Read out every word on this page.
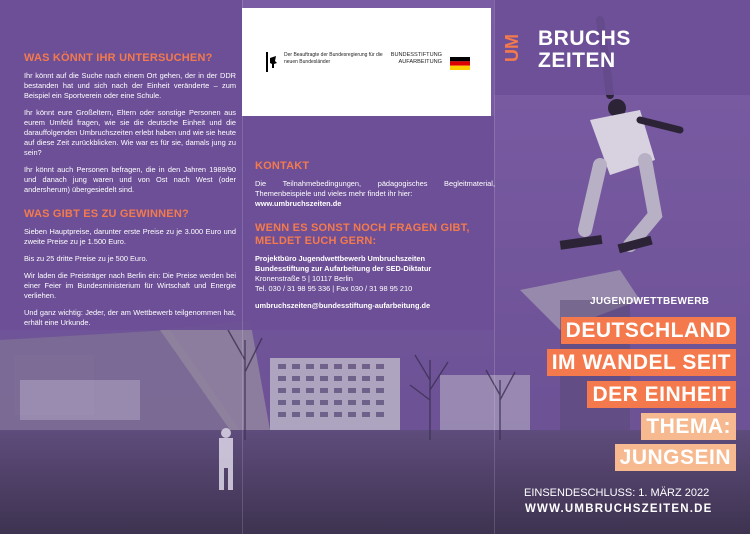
WAS KÖNNT IHR UNTERSUCHEN?
Ihr könnt auf die Suche nach einem Ort gehen, der in der DDR bestanden hat und sich nach der Einheit veränderte – zum Beispiel ein Sportverein oder eine Schule.
Ihr könnt eure Großeltern, Eltern oder sonstige Personen aus eurem Umfeld fragen, wie sie die deutsche Einheit und die darauffolgenden Umbruchszeiten erlebt haben und wie sie heute auf diese Zeit zurückblicken. Wie war es für sie, damals jung zu sein?
Ihr könnt auch Personen befragen, die in den Jahren 1989/90 und danach jung waren und von Ost nach West (oder andersherum) übergesiedelt sind.
WAS GIBT ES ZU GEWINNEN?
Sieben Hauptpreise, darunter erste Preise zu je 3.000 Euro und zweite Preise zu je 1.500 Euro.
Bis zu 25 dritte Preise zu je 500 Euro.
Wir laden die Preisträger nach Berlin ein: Die Preise werden bei einer Feier im Bundesministerium für Wirtschaft und Energie verliehen.
Und ganz wichtig: Jeder, der am Wettbewerb teilgenommen hat, erhält eine Urkunde.
Der Beauftragte der Bundesregierung für die neuen Bundesländer
BUNDESSTIFTUNG AUFARBEITUNG
KONTAKT
Die Teilnahmebedingungen, pädagogisches Begleitmaterial, Themenbeispiele und vieles mehr findet ihr hier:
www.umbruchszeiten.de
WENN ES SONST NOCH FRAGEN GIBT, MELDET EUCH GERN:
Projektbüro Jugendwettbewerb Umbruchszeiten
Bundesstiftung zur Aufarbeitung der SED-Diktatur
Kronenstraße 5 | 10117 Berlin
Tel. 030 / 31 98 95 336 | Fax 030 / 31 98 95 210
umbruchszeiten@bundesstiftung-aufarbeitung.de
UM BRUCHS
ZEITEN
JUGENDWETTBEWERB
DEUTSCHLAND
IM WANDEL SEIT
DER EINHEIT
THEMA:
JUNGSEIN
EINSENDESCHLUSS: 1. MÄRZ 2022
WWW.UMBRUCHSZEITEN.DE
